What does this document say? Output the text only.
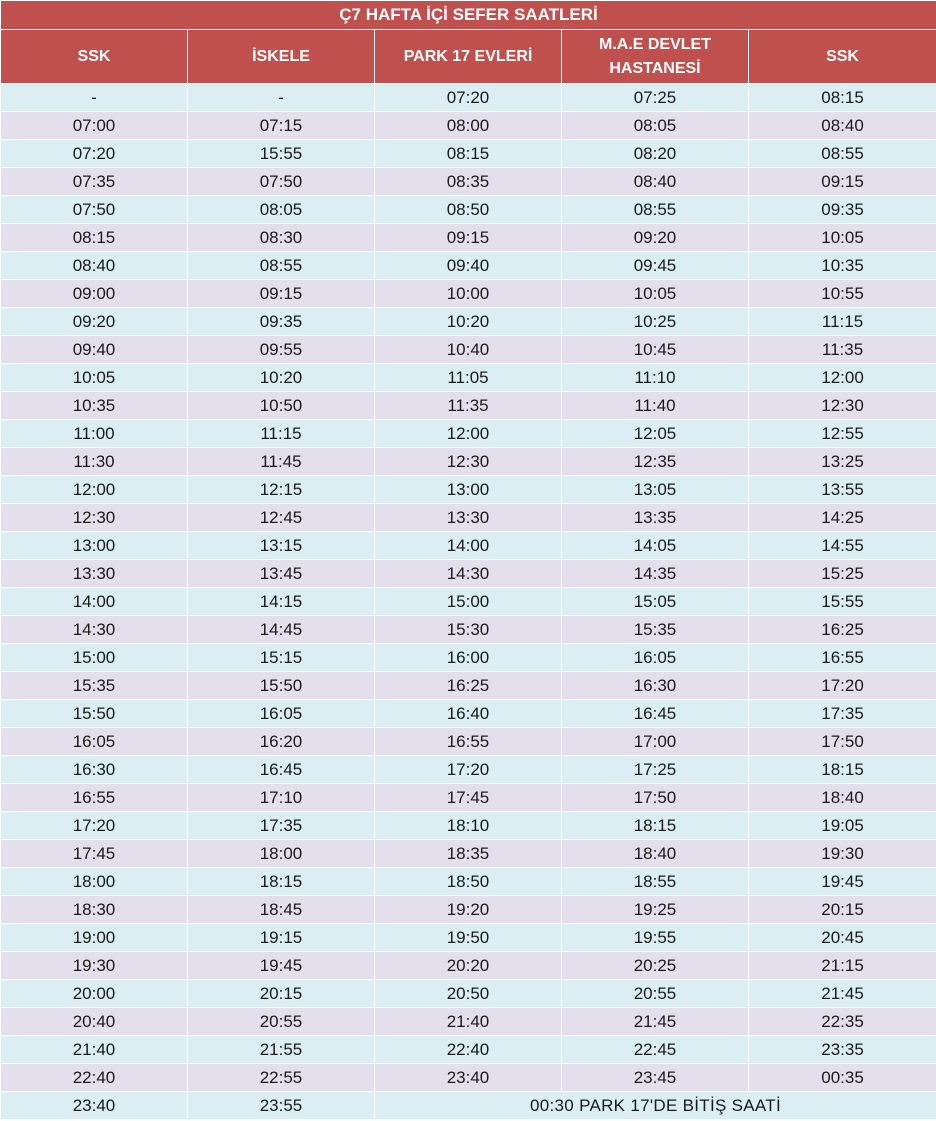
Ç7 HAFTA İÇİ SEFER SAATLERİ				
SSK	İSKELE	PARK 17 EVLERİ	M.A.E DEVLET HASTANESİ	SSK
-	-	07:20	07:25	08:15
07:00	07:15	08:00	08:05	08:40
07:20	15:55	08:15	08:20	08:55
07:35	07:50	08:35	08:40	09:15
07:50	08:05	08:50	08:55	09:35
08:15	08:30	09:15	09:20	10:05
08:40	08:55	09:40	09:45	10:35
09:00	09:15	10:00	10:05	10:55
09:20	09:35	10:20	10:25	11:15
09:40	09:55	10:40	10:45	11:35
10:05	10:20	11:05	11:10	12:00
10:35	10:50	11:35	11:40	12:30
11:00	11:15	12:00	12:05	12:55
11:30	11:45	12:30	12:35	13:25
12:00	12:15	13:00	13:05	13:55
12:30	12:45	13:30	13:35	14:25
13:00	13:15	14:00	14:05	14:55
13:30	13:45	14:30	14:35	15:25
14:00	14:15	15:00	15:05	15:55
14:30	14:45	15:30	15:35	16:25
15:00	15:15	16:00	16:05	16:55
15:35	15:50	16:25	16:30	17:20
15:50	16:05	16:40	16:45	17:35
16:05	16:20	16:55	17:00	17:50
16:30	16:45	17:20	17:25	18:15
16:55	17:10	17:45	17:50	18:40
17:20	17:35	18:10	18:15	19:05
17:45	18:00	18:35	18:40	19:30
18:00	18:15	18:50	18:55	19:45
18:30	18:45	19:20	19:25	20:15
19:00	19:15	19:50	19:55	20:45
19:30	19:45	20:20	20:25	21:15
20:00	20:15	20:50	20:55	21:45
20:40	20:55	21:40	21:45	22:35
21:40	21:55	22:40	22:45	23:35
22:40	22:55	23:40	23:45	00:35
23:40	23:55	00:30 PARK 17'DE BİTİŞ SAATİ		
